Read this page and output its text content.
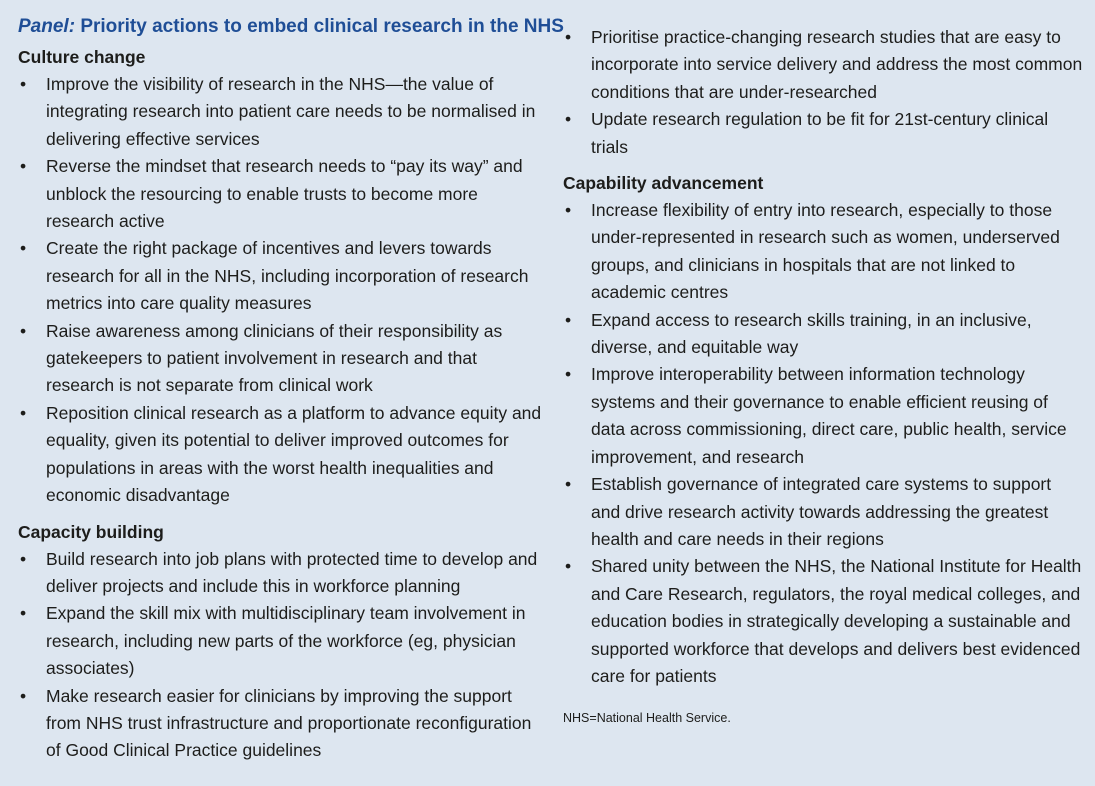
Panel: Priority actions to embed clinical research in the NHS
Culture change
• Improve the visibility of research in the NHS—the value of integrating research into patient care needs to be normalised in delivering effective services
• Reverse the mindset that research needs to “pay its way” and unblock the resourcing to enable trusts to become more research active
• Create the right package of incentives and levers towards research for all in the NHS, including incorporation of research metrics into care quality measures
• Raise awareness among clinicians of their responsibility as gatekeepers to patient involvement in research and that research is not separate from clinical work
• Reposition clinical research as a platform to advance equity and equality, given its potential to deliver improved outcomes for populations in areas with the worst health inequalities and economic disadvantage
Capacity building
• Build research into job plans with protected time to develop and deliver projects and include this in workforce planning
• Expand the skill mix with multidisciplinary team involvement in research, including new parts of the workforce (eg, physician associates)
• Make research easier for clinicians by improving the support from NHS trust infrastructure and proportionate reconfiguration of Good Clinical Practice guidelines
• Prioritise practice-changing research studies that are easy to incorporate into service delivery and address the most common conditions that are under-researched
• Update research regulation to be fit for 21st-century clinical trials
Capability advancement
• Increase flexibility of entry into research, especially to those under-represented in research such as women, underserved groups, and clinicians in hospitals that are not linked to academic centres
• Expand access to research skills training, in an inclusive, diverse, and equitable way
• Improve interoperability between information technology systems and their governance to enable efficient reusing of data across commissioning, direct care, public health, service improvement, and research
• Establish governance of integrated care systems to support and drive research activity towards addressing the greatest health and care needs in their regions
• Shared unity between the NHS, the National Institute for Health and Care Research, regulators, the royal medical colleges, and education bodies in strategically developing a sustainable and supported workforce that develops and delivers best evidenced care for patients
NHS=National Health Service.
